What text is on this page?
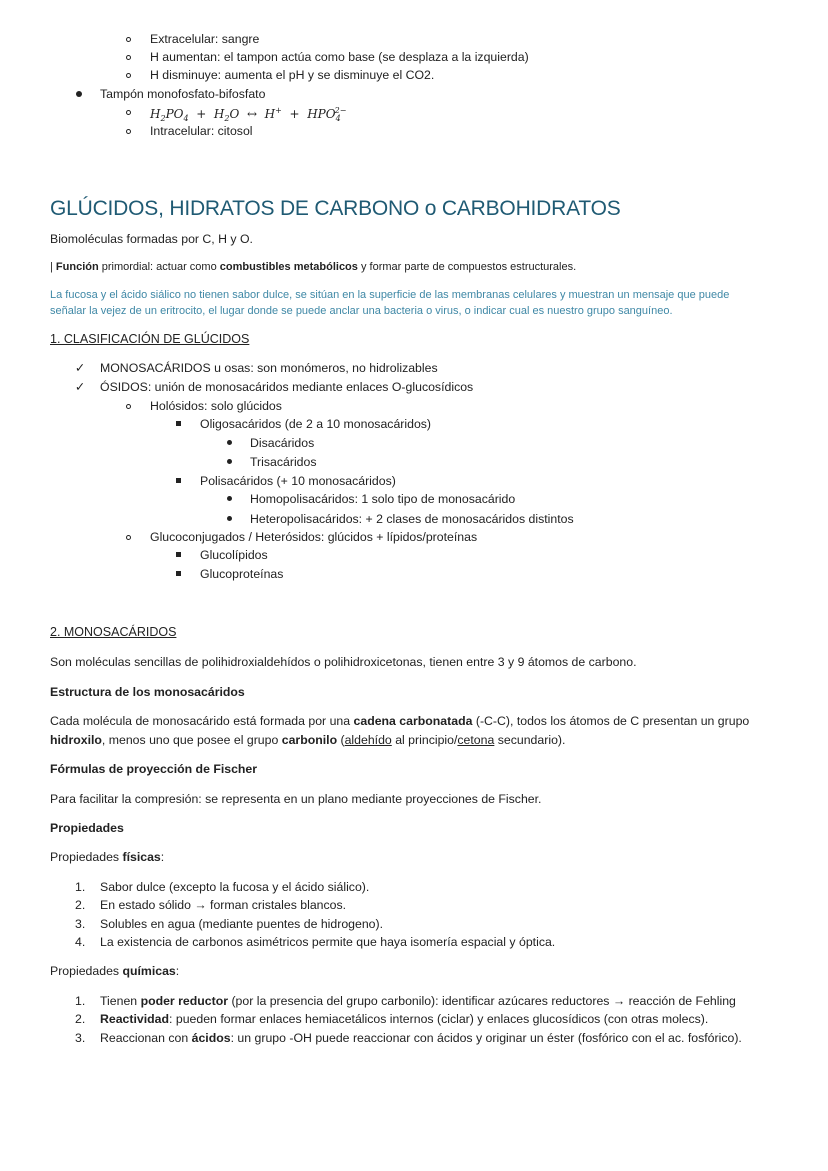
Extracelular: sangre
H aumentan: el tampon actúa como base (se desplaza a la izquierda)
H disminuye: aumenta el pH y se disminuye el CO2.
Tampón monofosfato-bifosfato
$H_2PO_4 + H_2O$ ↔ $H^+ + HPO_4^{2-}$
Intracelular: citosol
GLÚCIDOS, HIDRATOS DE CARBONO o CARBOHIDRATOS
Biomoléculas formadas por C, H y O.
| Función primordial: actuar como combustibles metabólicos y formar parte de compuestos estructurales.
La fucosa y el ácido siálico no tienen sabor dulce, se sitúan en la superficie de las membranas celulares y muestran un mensaje que puede
señalar la vejez de un eritrocito, el lugar donde se puede anclar una bacteria o virus, o indicar cual es nuestro grupo sanguíneo.
1. CLASIFICACIÓN DE GLÚCIDOS
✓ MONOSACÁRIDOS u osas: son monómeros, no hidrolizables
✓ ÓSIDOS: unión de monosacáridos mediante enlaces O-glucosídicos
Holósidos: solo glúcidos
Oligosacáridos (de 2 a 10 monosacáridos)
Disacáridos
Trisacáridos
Polisacáridos (+ 10 monosacáridos)
Homopolisacáridos: 1 solo tipo de monosacárido
Heteropolisacáridos: + 2 clases de monosacáridos distintos
Glucoconjugados / Heterósidos: glúcidos + lípidos/proteínas
Glucolípidos
Glucoproteínas
2. MONOSACÁRIDOS
Son moléculas sencillas de polihidroxialdehídos o polihidroxicetonas, tienen entre 3 y 9 átomos de carbono.
Estructura de los monosacáridos
Cada molécula de monosacárido está formada por una cadena carbonatada (-C-C), todos los átomos de C presentan un grupo
hidroxilo, menos uno que posee el grupo carbonilo (aldehído al principio/cetona secundario).
Fórmulas de proyección de Fischer
Para facilitar la compresión: se representa en un plano mediante proyecciones de Fischer.
Propiedades
Propiedades físicas:
1. Sabor dulce (excepto la fucosa y el ácido siálico).
2. En estado sólido → forman cristales blancos.
3. Solubles en agua (mediante puentes de hidrogeno).
4. La existencia de carbonos asimétricos permite que haya isomería espacial y óptica.
Propiedades químicas:
1. Tienen poder reductor (por la presencia del grupo carbonilo): identificar azúcares reductores → reacción de Fehling
2. Reactividad: pueden formar enlaces hemiacetálicos internos (ciclar) y enlaces glucosídicos (con otras molecs).
3. Reaccionan con ácidos: un grupo -OH puede reaccionar con ácidos y originar un éster (fosfórico con el ac. fosfórico).
